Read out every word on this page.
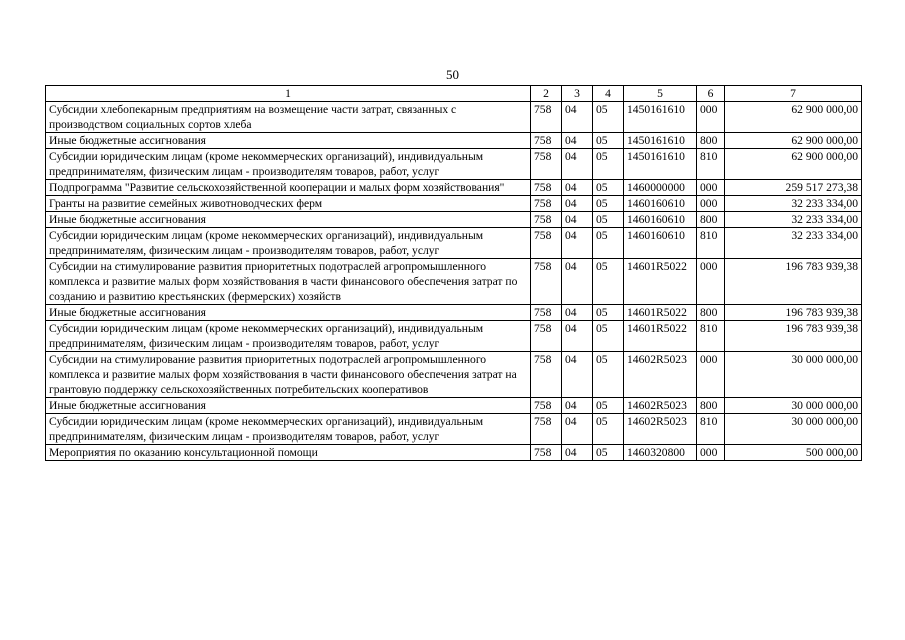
50
1	2	3	4	5	6	7
Субсидии хлебопекарным предприятиям на возмещение части затрат, связанных с производством социальных сортов хлеба	758	04	05	1450161610	000	62 900 000,00
Иные бюджетные ассигнования	758	04	05	1450161610	800	62 900 000,00
Субсидии юридическим лицам (кроме некоммерческих организаций), индивидуальным предпринимателям, физическим лицам - производителям товаров, работ, услуг	758	04	05	1450161610	810	62 900 000,00
Подпрограмма "Развитие сельскохозяйственной кооперации и малых форм хозяйствования"	758	04	05	1460000000	000	259 517 273,38
Гранты на развитие семейных животноводческих ферм	758	04	05	1460160610	000	32 233 334,00
Иные бюджетные ассигнования	758	04	05	1460160610	800	32 233 334,00
Субсидии юридическим лицам (кроме некоммерческих организаций), индивидуальным предпринимателям, физическим лицам - производителям товаров, работ, услуг	758	04	05	1460160610	810	32 233 334,00
Субсидии на стимулирование развития приоритетных подотраслей агропромышленного комплекса и развитие малых форм хозяйствования в части финансового обеспечения затрат по созданию и развитию крестьянских (фермерских) хозяйств	758	04	05	14601R5022	000	196 783 939,38
Иные бюджетные ассигнования	758	04	05	14601R5022	800	196 783 939,38
Субсидии юридическим лицам (кроме некоммерческих организаций), индивидуальным предпринимателям, физическим лицам - производителям товаров, работ, услуг	758	04	05	14601R5022	810	196 783 939,38
Субсидии на стимулирование развития приоритетных подотраслей агропромышленного комплекса и развитие малых форм хозяйствования в части финансового обеспечения затрат на грантовую поддержку сельскохозяйственных потребительских кооперативов	758	04	05	14602R5023	000	30 000 000,00
Иные бюджетные ассигнования	758	04	05	14602R5023	800	30 000 000,00
Субсидии юридическим лицам (кроме некоммерческих организаций), индивидуальным предпринимателям, физическим лицам - производителям товаров, работ, услуг	758	04	05	14602R5023	810	30 000 000,00
Мероприятия по оказанию консультационной помощи	758	04	05	1460320800	000	500 000,00
